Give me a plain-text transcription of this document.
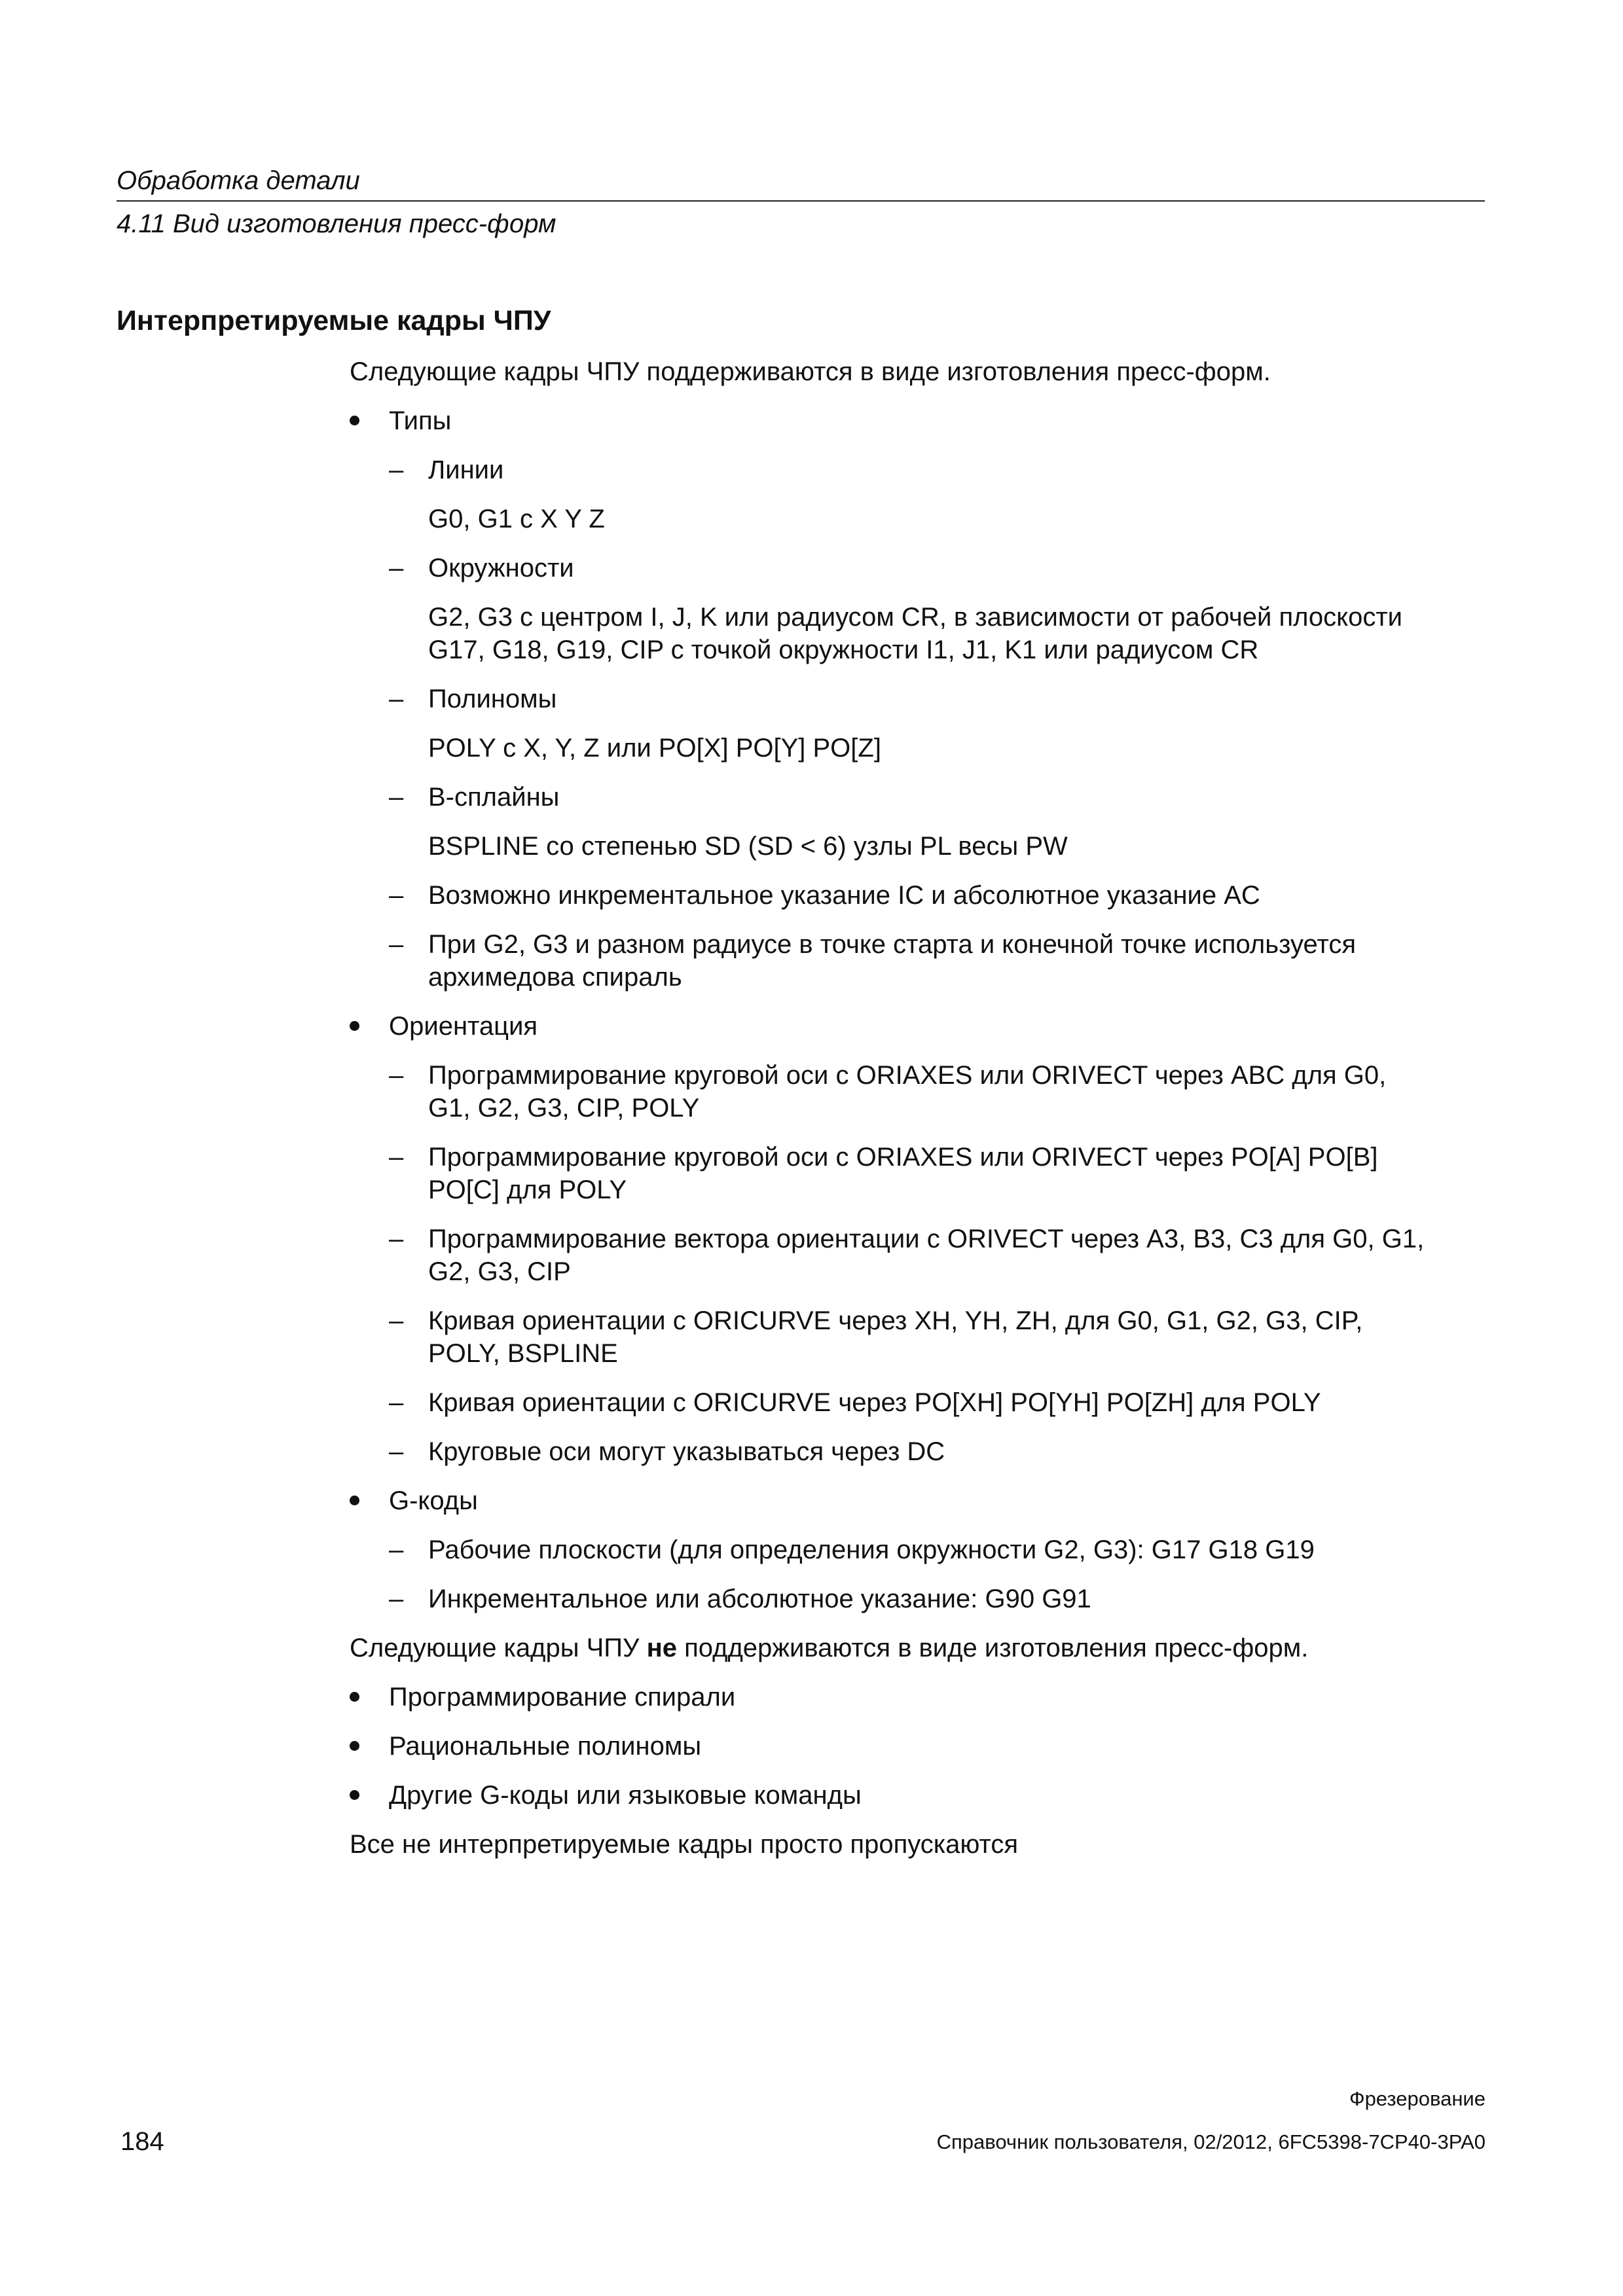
Обработка детали
4.11 Вид изготовления пресс-форм
Интерпретируемые кадры ЧПУ
Следующие кадры ЧПУ поддерживаются в виде изготовления пресс-форм.
Типы
– Линии
G0, G1 с X Y Z
– Окружности
G2, G3 с центром I, J, K или радиусом CR, в зависимости от рабочей плоскости
G17, G18, G19, CIP с точкой окружности I1, J1, K1 или радиусом CR
– Полиномы
POLY с X, Y, Z или PO[X] PO[Y] PO[Z]
– B-сплайны
BSPLINE со степенью SD (SD < 6) узлы PL весы PW
– Возможно инкрементальное указание IC и абсолютное указание AC
– При G2, G3 и разном радиусе в точке старта и конечной точке используется
архимедова спираль
Ориентация
– Программирование круговой оси с ORIAXES или ORIVECT через ABC для G0,
G1, G2, G3, CIP, POLY
– Программирование круговой оси с ORIAXES или ORIVECT через PO[A] PO[B]
PO[C] для POLY
– Программирование вектора ориентации с ORIVECT через A3, B3, C3 для G0, G1,
G2, G3, CIP
– Кривая ориентации с ORICURVE через XH, YH, ZH, для G0, G1, G2, G3, CIP,
POLY, BSPLINE
– Кривая ориентации с ORICURVE через PO[XH] PO[YH] PO[ZH] для POLY
– Круговые оси могут указываться через DC
G-коды
– Рабочие плоскости (для определения окружности G2, G3): G17 G18 G19
– Инкрементальное или абсолютное указание: G90 G91
Следующие кадры ЧПУ не поддерживаются в виде изготовления пресс-форм.
Программирование спирали
Рациональные полиномы
Другие G-коды или языковые команды
Все не интерпретируемые кадры просто пропускаются
Фрезерование
184	Справочник пользователя, 02/2012, 6FC5398-7CP40-3PA0
